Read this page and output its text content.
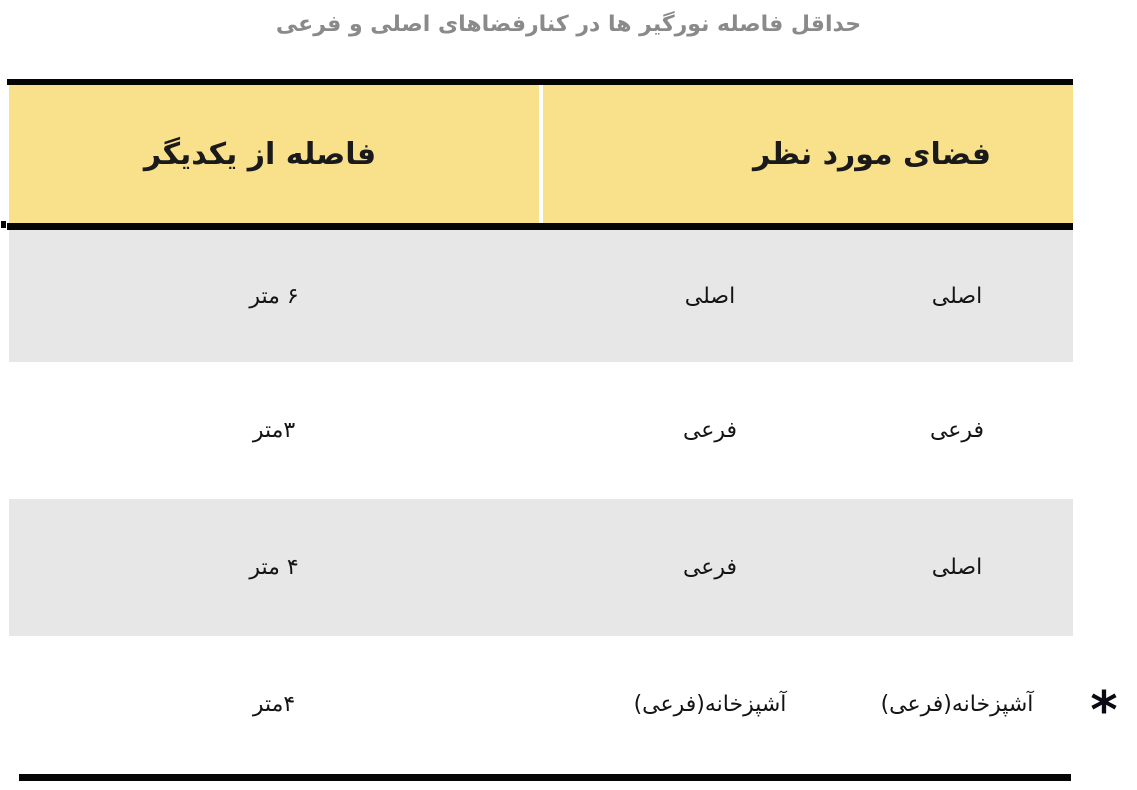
حداقل فاصله نورگیر ها در کنارفضاهای اصلی و فرعی
فضای مورد نظر
فاصله از یکدیگر
اصلی
اصلی
۶ متر
فرعی
فرعی
۳متر
اصلی
فرعی
۴ متر
آشپزخانه(فرعی)
آشپزخانه(فرعی)
۴متر	*
